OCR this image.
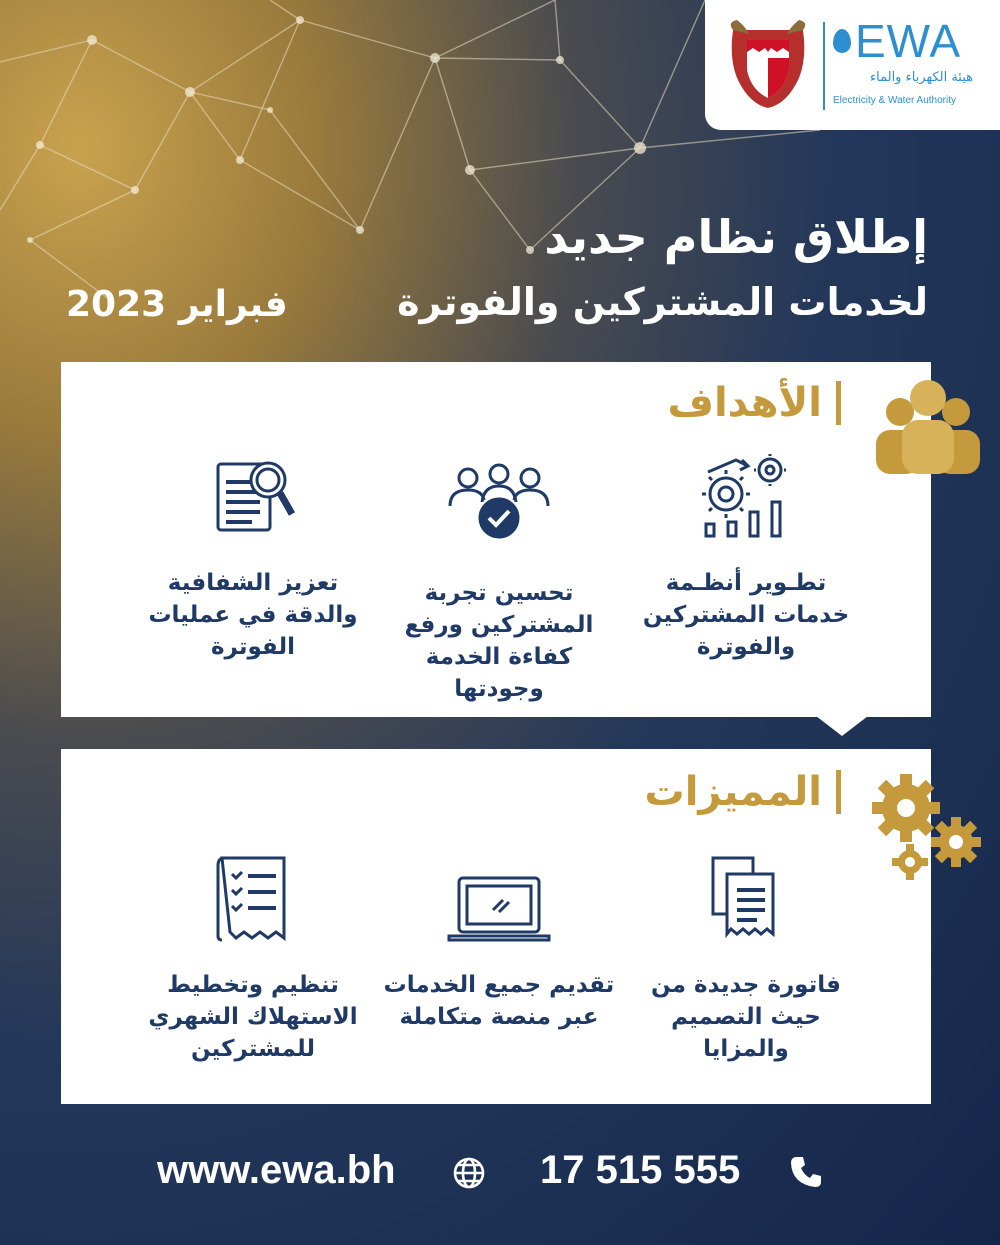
EWA
هيئة الكهرباء والماء
Electricity & Water Authority
إطلاق نظام جديد
لخدمات المشتركين والفوترة
فبراير 2023
الأهداف
تطـوير أنظـمة خدمات المشتركين والفوترة
تحسين تجربة المشتركين ورفع كفاءة الخدمة وجودتها
تعزيز الشفافية والدقة في عمليات الفوترة
المميزات
فاتورة جديدة من حيث التصميم والمزايا
تقديم جميع الخدمات عبر منصة متكاملة
تنظيم وتخطيط الاستهلاك الشهري للمشتركين
www.ewa.bh	17 515 555
